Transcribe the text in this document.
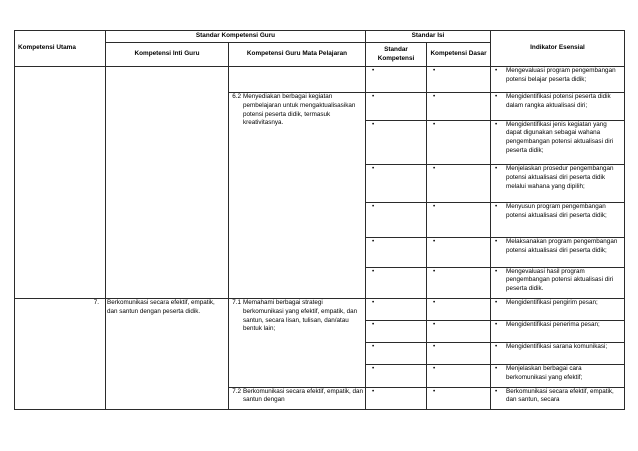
Kompetensi Utama	Standar Kompetensi Guru		Standar Isi		Indikator Esensial
	Kompetensi Inti Guru	Kompetensi Guru Mata Pelajaran	Standar Kompetensi	Kompetensi Dasar	
			•	•	• Mengevaluasi program pengembangan potensi belajar peserta didik;

		6.2 Menyediakan berbagai kegiatan pembelajaran untuk mengaktualisasikan potensi peserta didik, termasuk kreativitasnya.	•	•	• Mengidentifikasi potensi peserta didik dalam rangka aktualisasi diri;

			•	•	• Mengidentifikasi jenis kegiatan yang dapat digunakan sebagai wahana pengembangan potensi aktualisasi diri peserta didik;

			•	•	• Menjelaskan prosedur pengembangan potensi aktualisasi diri peserta didik melalui wahana yang dipilih;

			•	•	• Menyusun program pengembangan potensi aktualisasi diri peserta didik;

			•	•	• Melaksanakan program pengembangan potensi aktualisasi diri peserta didik;

			•	•	• Mengevaluasi hasil program pengembangan potensi aktualisasi diri peserta didik.

7.	Berkomunikasi secara efektif, empatik, dan santun dengan peserta didik.	7.1 Memahami berbagai strategi berkomunikasi yang efektif, empatik, dan santun, secara lisan, tulisan, dan/atau bentuk lain;	•	•	• Mengidentifikasi pengirim pesan;

			•	•	• Mengidentifikasi penerima pesan;

			•	•	• Mengidentifikasi sarana komunikasi;

			•	•	• Menjelaskan berbagai cara berkomunikasi yang efektif;

		7.2 Berkomunikasi secara efektif, empatik, dan santun dengan	•	•	• Berkomunikasi secara efektif, empatik, dan santun, secara
